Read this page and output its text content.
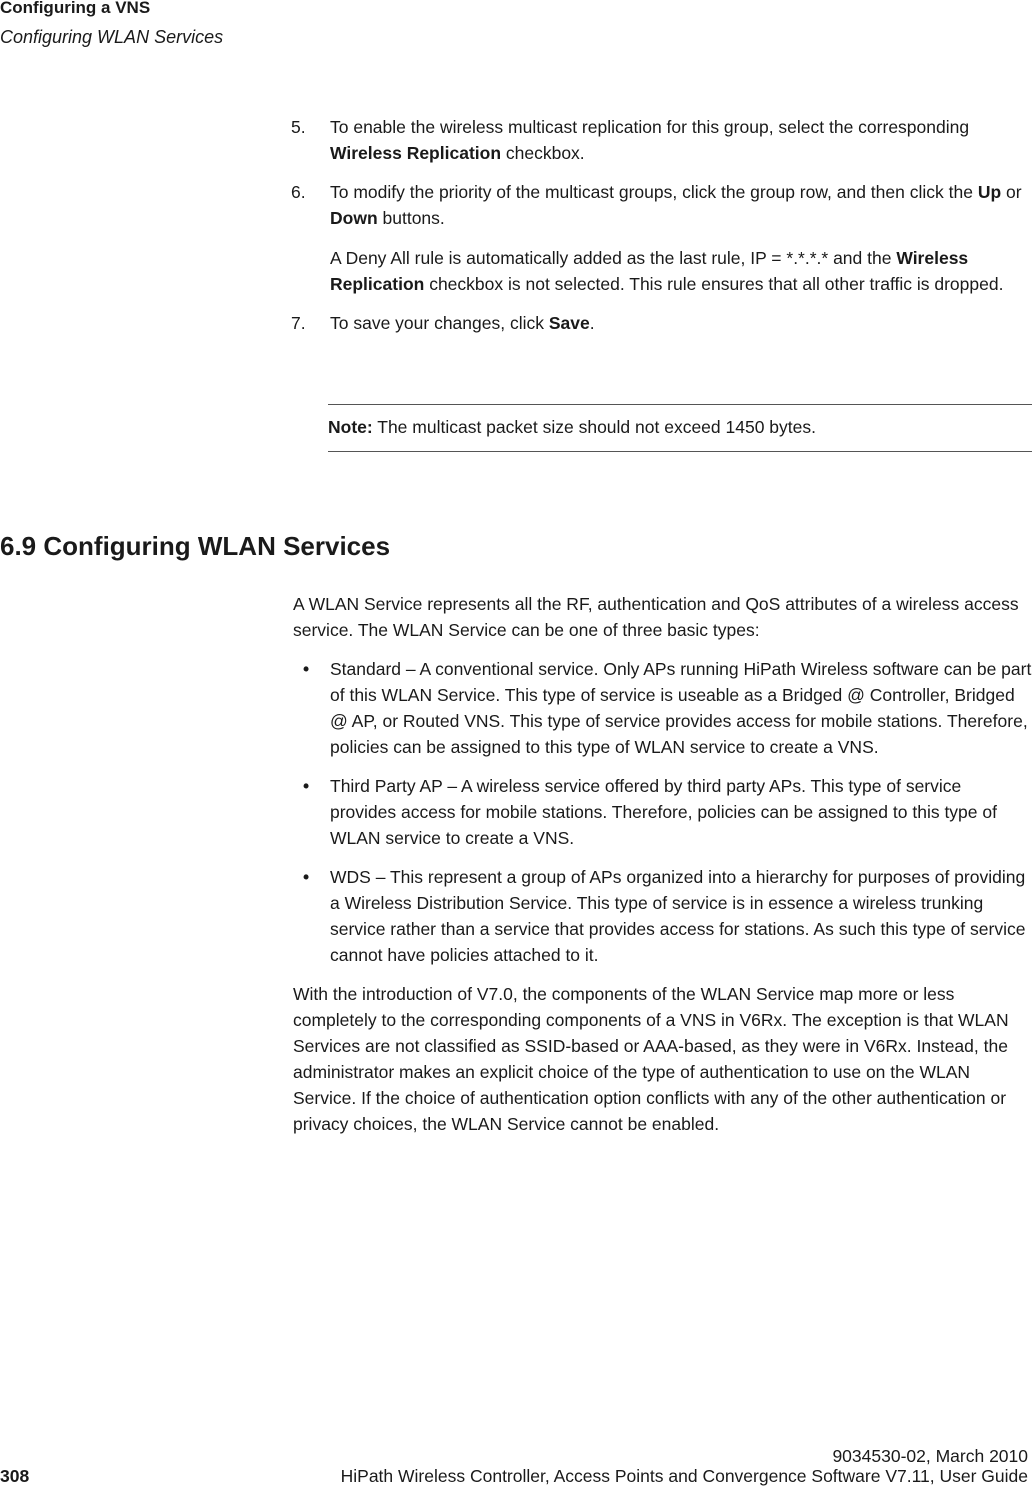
Configuring a VNS
Configuring WLAN Services
5. To enable the wireless multicast replication for this group, select the corresponding Wireless Replication checkbox.
6. To modify the priority of the multicast groups, click the group row, and then click the Up or Down buttons.
A Deny All rule is automatically added as the last rule, IP = *.*.*.* and the Wireless Replication checkbox is not selected. This rule ensures that all other traffic is dropped.
7. To save your changes, click Save.
Note: The multicast packet size should not exceed 1450 bytes.
6.9 Configuring WLAN Services

A WLAN Service represents all the RF, authentication and QoS attributes of a wireless access service. The WLAN Service can be one of three basic types:

• Standard – A conventional service. Only APs running HiPath Wireless software can be part of this WLAN Service. This type of service is useable as a Bridged @ Controller, Bridged @ AP, or Routed VNS. This type of service provides access for mobile stations. Therefore, policies can be assigned to this type of WLAN service to create a VNS.
• Third Party AP – A wireless service offered by third party APs. This type of service provides access for mobile stations. Therefore, policies can be assigned to this type of WLAN service to create a VNS.
• WDS – This represent a group of APs organized into a hierarchy for purposes of providing a Wireless Distribution Service. This type of service is in essence a wireless trunking service rather than a service that provides access for stations. As such this type of service cannot have policies attached to it.

With the introduction of V7.0, the components of the WLAN Service map more or less completely to the corresponding components of a VNS in V6Rx. The exception is that WLAN Services are not classified as SSID-based or AAA-based, as they were in V6Rx. Instead, the administrator makes an explicit choice of the type of authentication to use on the WLAN Service. If the choice of authentication option conflicts with any of the other authentication or privacy choices, the WLAN Service cannot be enabled.

9034530-02, March 2010
308	HiPath Wireless Controller, Access Points and Convergence Software V7.11, User Guide
